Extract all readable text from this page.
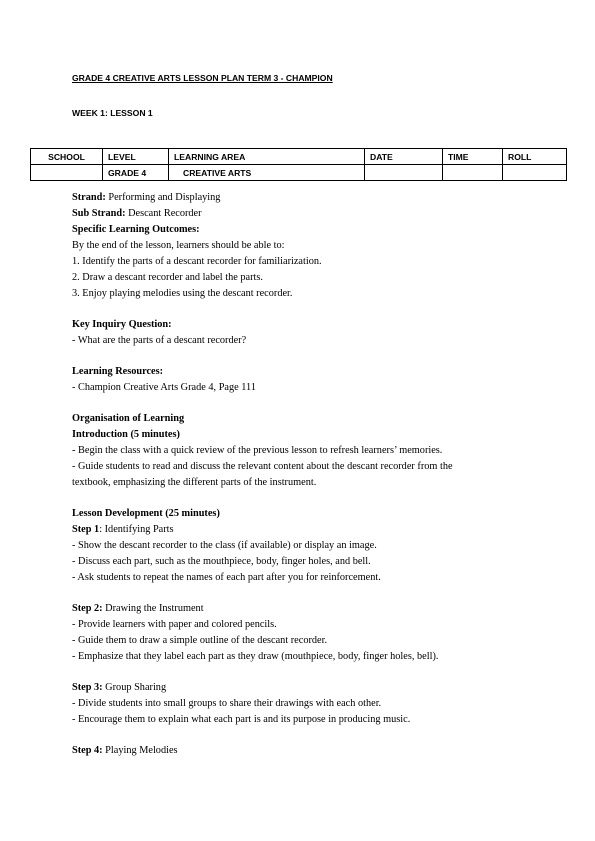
GRADE 4 CREATIVE ARTS LESSON PLAN TERM 3 - CHAMPION
WEEK 1: LESSON 1
SCHOOL	LEVEL	LEARNING AREA	DATE	TIME	ROLL
	GRADE 4	CREATIVE ARTS			

Strand: Performing and Displaying

Sub Strand: Descant Recorder

Specific Learning Outcomes:

By the end of the lesson, learners should be able to:

1. Identify the parts of a descant recorder for familiarization.

2. Draw a descant recorder and label the parts.

3. Enjoy playing melodies using the descant recorder.

Key Inquiry Question:

- What are the parts of a descant recorder?

Learning Resources:

- Champion Creative Arts Grade 4, Page 111

Organisation of Learning

Introduction (5 minutes)

- Begin the class with a quick review of the previous lesson to refresh learners’ memories.

- Guide students to read and discuss the relevant content about the descant recorder from the

textbook, emphasizing the different parts of the instrument.

Lesson Development (25 minutes)

Step 1: Identifying Parts

- Show the descant recorder to the class (if available) or display an image.

- Discuss each part, such as the mouthpiece, body, finger holes, and bell.

- Ask students to repeat the names of each part after you for reinforcement.

Step 2: Drawing the Instrument

- Provide learners with paper and colored pencils.

- Guide them to draw a simple outline of the descant recorder.

- Emphasize that they label each part as they draw (mouthpiece, body, finger holes, bell).

Step 3: Group Sharing

- Divide students into small groups to share their drawings with each other.

- Encourage them to explain what each part is and its purpose in producing music.

Step 4: Playing Melodies
